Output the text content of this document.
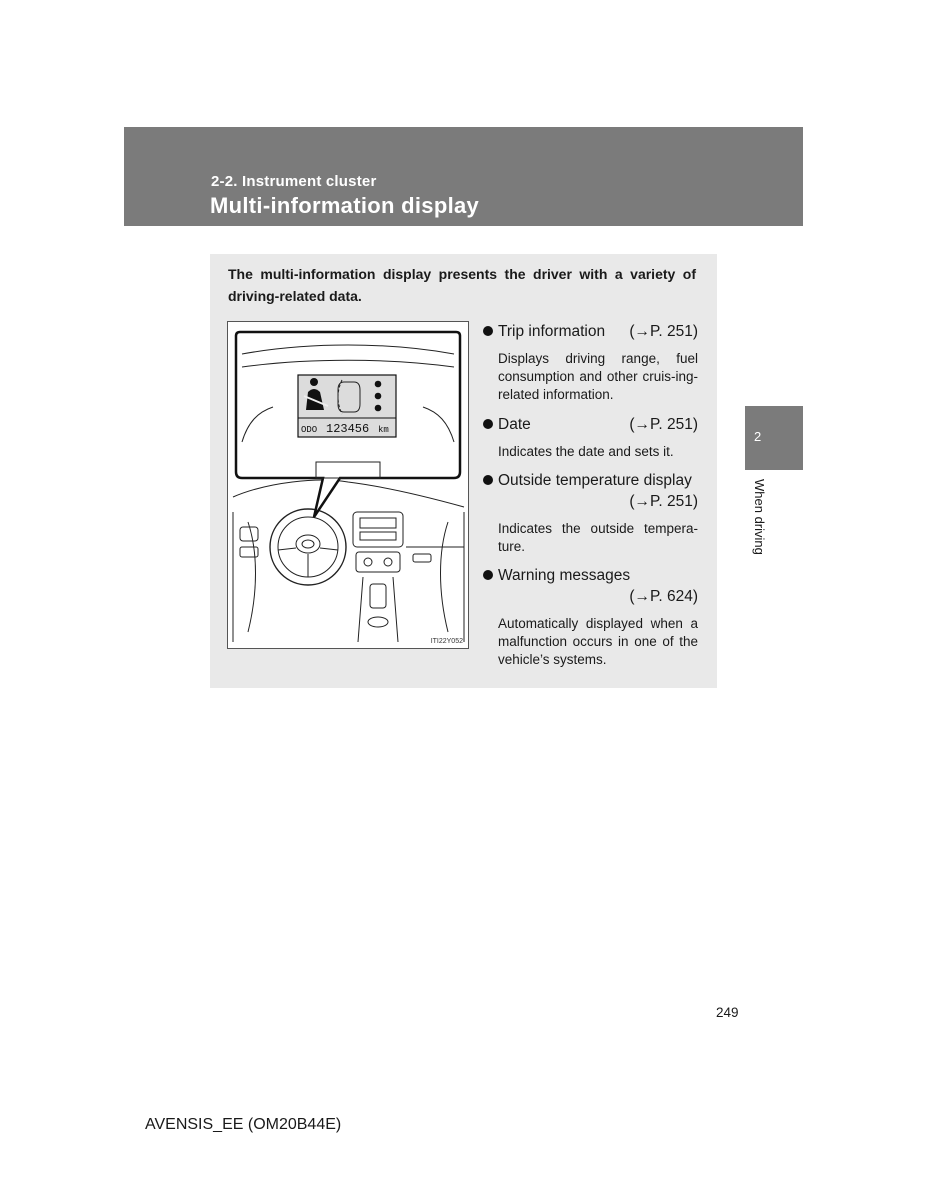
2-2. Instrument cluster
Multi-information display
2
When driving

The multi-information display presents the driver with a variety of driving-related data.

ODO 123456 km
ITI22Y052
Trip information (→P. 251)
Displays driving range, fuel consumption and other cruis-ing-related information.
Date	(→P. 251)
Indicates the date and sets it.
Outside temperature display
(→P. 251)
Indicates the outside tempera-ture.
Warning messages
(→P. 624)
Automatically displayed when a malfunction occurs in one of the vehicle’s systems.
249
AVENSIS_EE (OM20B44E)
